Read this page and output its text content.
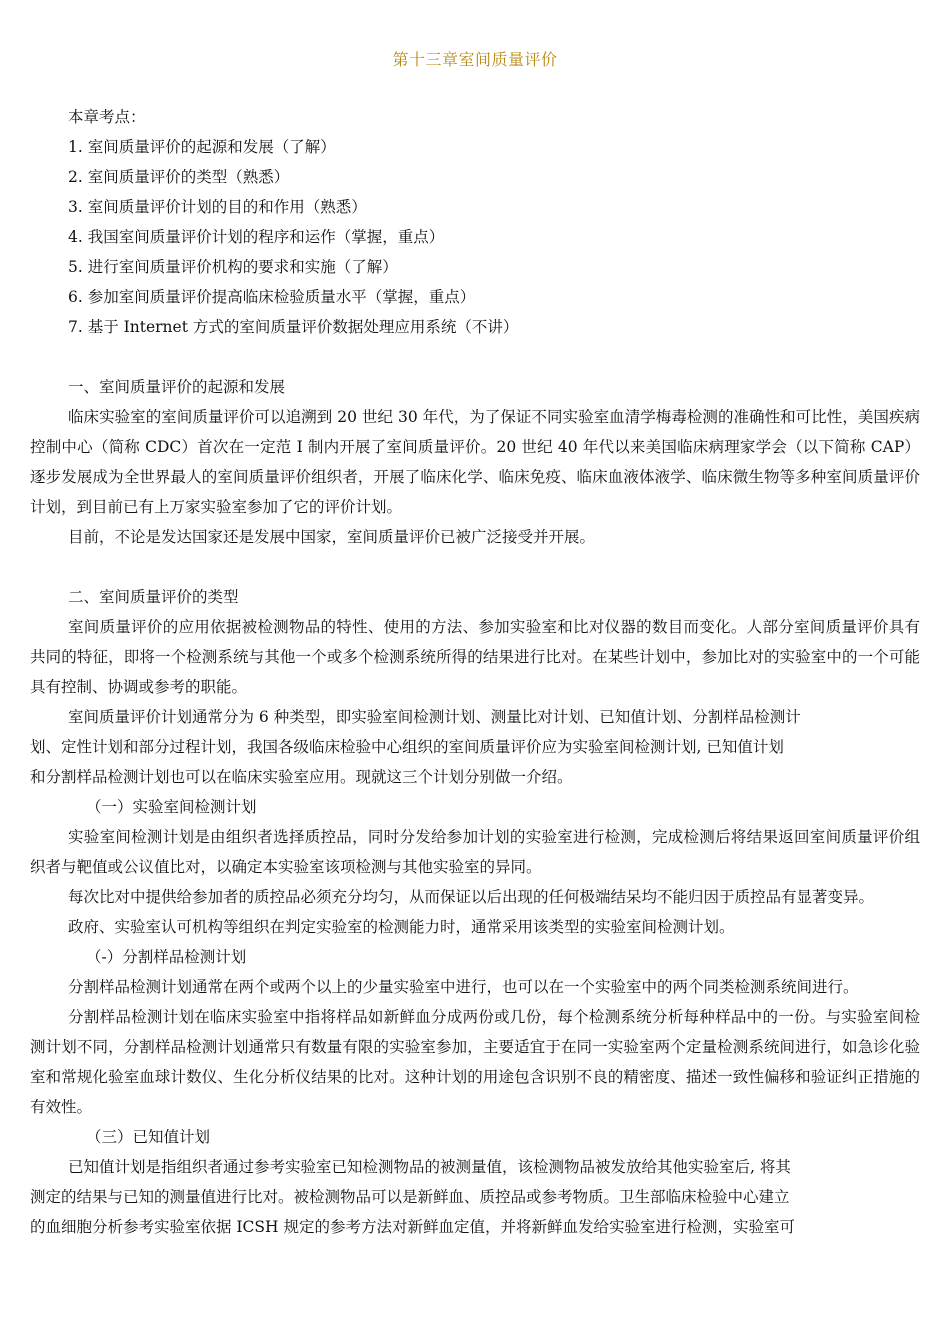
第十三章室间质量评价
本章考点：
1. 室间质量评价的起源和发展（了解）
2. 室间质量评价的类型（熟悉）
3. 室间质量评价计划的目的和作用（熟悉）
4. 我国室间质量评价计划的程序和运作（掌握，重点）
5. 进行室间质量评价机构的要求和实施（了解）
6. 参加室间质量评价提高临床检验质量水平（掌握，重点）
7. 基于 Internet 方式的室间质量评价数据处理应用系统（不讲）
一、室间质量评价的起源和发展

临床实验室的室间质量评价可以追溯到 20 世纪 30 年代，为了保证不同实验室血清学梅毒检测的准确性和可比性，美国疾病控制中心（简称 CDC）首次在一定范 I 制内开展了室间质量评价。20 世纪 40 年代以来美国临床病理家学会（以下简称 CAP）逐步发展成为全世界最人的室间质量评价组织者，开展了临床化学、临床免疫、临床血液体液学、临床微生物等多种室间质量评价计划，到目前已有上万家实验室参加了它的评价计划。

目前，不论是发达国家还是发展中国家，室间质量评价已被广泛接受并开展。

二、室间质量评价的类型

室间质量评价的应用依据被检测物品的特性、使用的方法、参加实验室和比对仪器的数目而变化。人部分室间质量评价具有共同的特征，即将一个检测系统与其他一个或多个检测系统所得的结果进行比对。在某些计划中，参加比对的实验室中的一个可能具有控制、协调或参考的职能。

室间质量评价计划通常分为 6 种类型，即实验室间检测计划、测量比对计划、已知值计划、分割样品检测计
划、定性计划和部分过程计划，我国各级临床检验中心组织的室间质量评价应为实验室间检测计划, 已知值计划
和分割样品检测计划也可以在临床实验室应用。现就这三个计划分别做一介绍。
（一）实验室间检测计划

实验室间检测计划是由组织者选择质控品，同时分发给参加计划的实验室进行检测，完成检测后将结果返回室间质量评价组织者与靶值或公议值比对，以确定本实验室该项检测与其他实验室的异同。

每次比对中提供给参加者的质控品必须充分均匀，从而保证以后出现的任何极端结呆均不能归因于质控品有显著变异。

政府、实验室认可机构等组织在判定实验室的检测能力时，通常采用该类型的实验室间检测计划。

（-）分割样品检测计划

分割样品检测计划通常在两个或两个以上的少量实验室中进行，也可以在一个实验室中的两个同类检测系统间进行。

分割样品检测计划在临床实验室中指将样品如新鲜血分成两份或几份，每个检测系统分析每种样品中的一份。与实验室间检测计划不同，分割样品检测计划通常只有数量有限的实验室参加，主要适宜于在同一实验室两个定量检测系统间进行，如急诊化验室和常规化验室血球计数仪、生化分析仪结果的比对。这种计划的用途包含识别不良的精密度、描述一致性偏移和验证纠正措施的有效性。

（三）已知值计划
已知值计划是指组织者通过参考实验室已知检测物品的被测量值，该检测物品被发放给其他实验室后, 将其
测定的结果与已知的测量值进行比对。被检测物品可以是新鲜血、质控品或参考物质。卫生部临床检验中心建立
的血细胞分析参考实验室依据 ICSH 规定的参考方法对新鲜血定值，并将新鲜血发给实验室进行检测，实验室可
